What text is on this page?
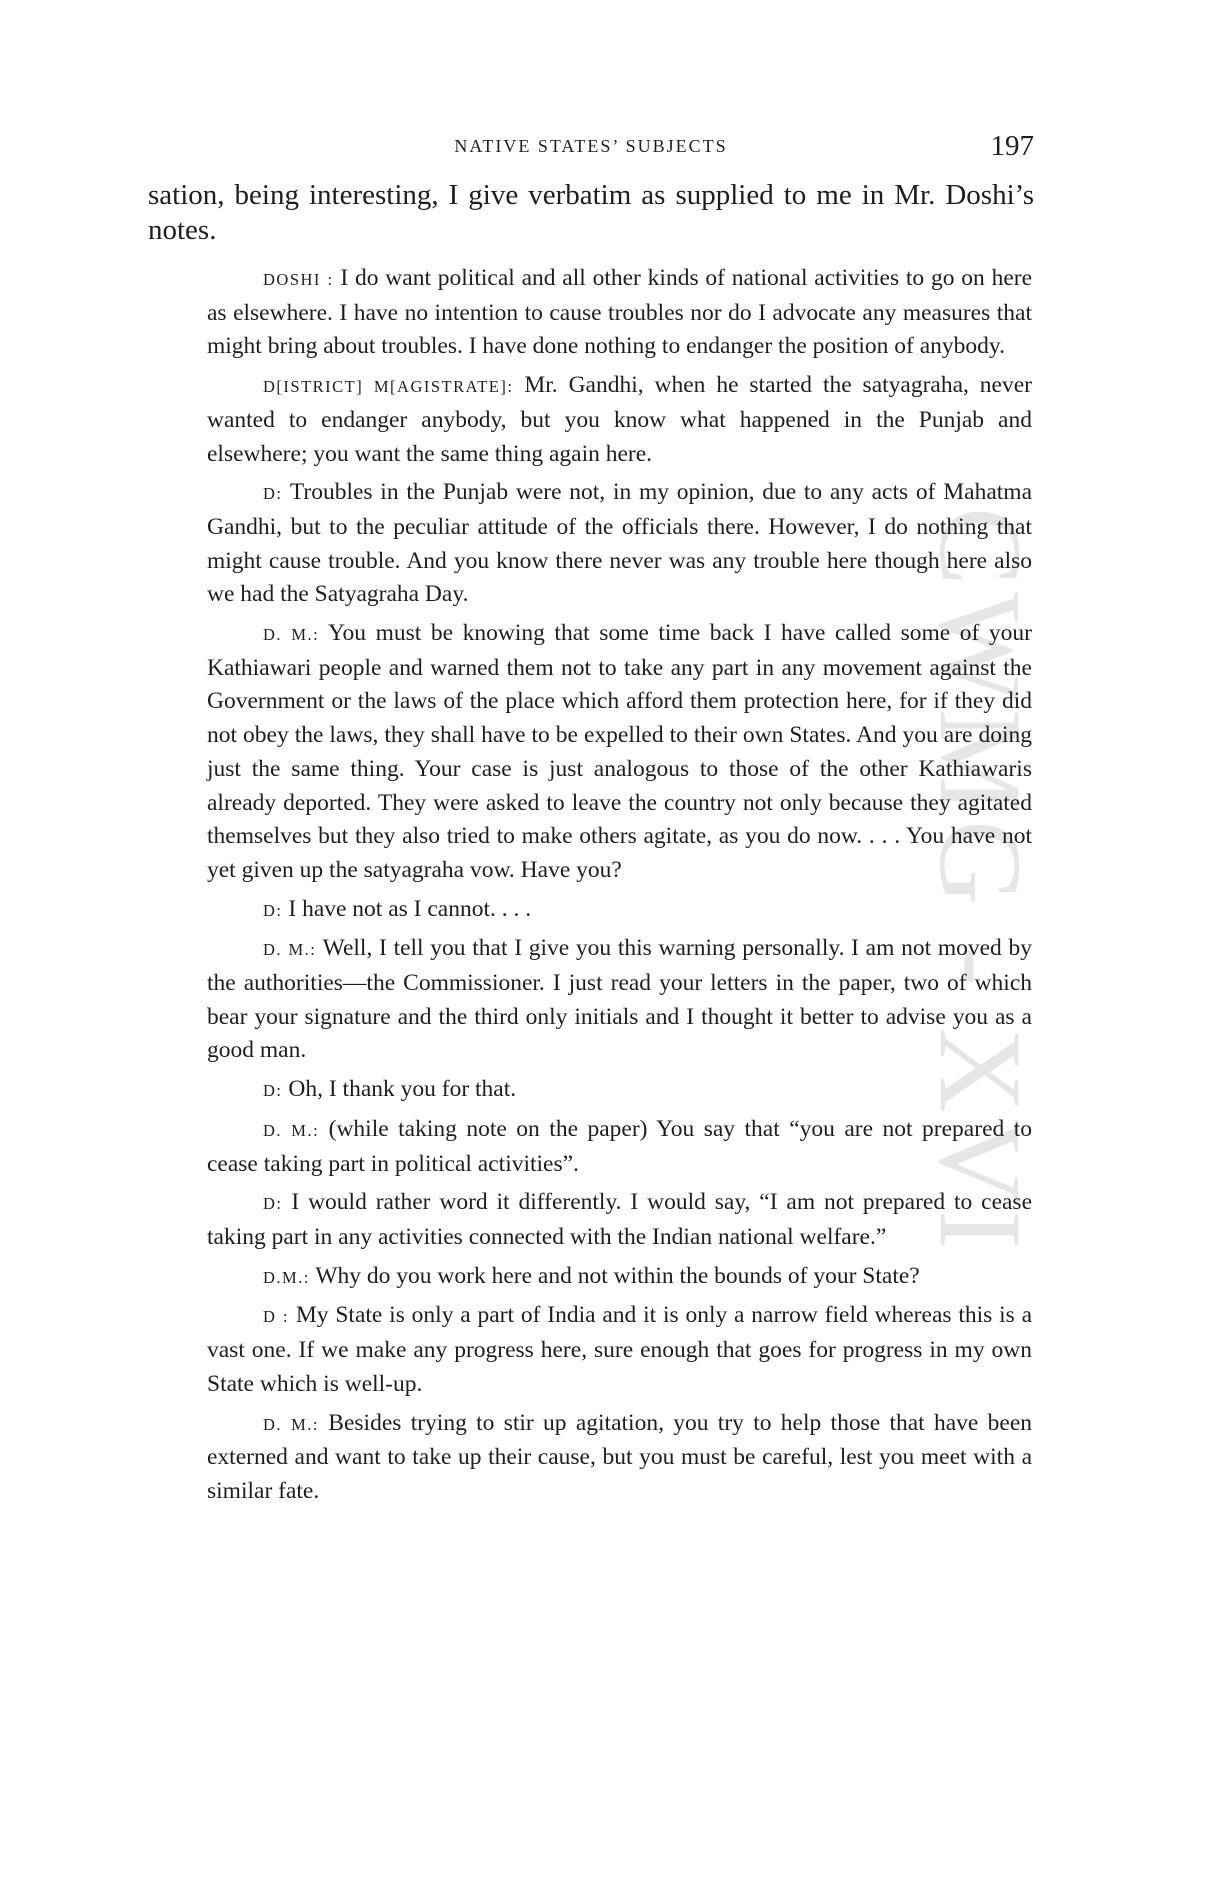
CWMG - XVI
NATIVE STATES’ SUBJECTS	197

sation, being interesting, I give verbatim as supplied to me in Mr. Doshi’s notes.

DOSHI : I do want political and all other kinds of national activities to go on here as elsewhere. I have no intention to cause troubles nor do I advocate any measures that might bring about troubles. I have done nothing to endanger the position of anybody.

D[ISTRICT] M[AGISTRATE]: Mr. Gandhi, when he started the satyagraha, never wanted to endanger anybody, but you know what happened in the Punjab and elsewhere; you want the same thing again here.

D: Troubles in the Punjab were not, in my opinion, due to any acts of Mahatma Gandhi, but to the peculiar attitude of the officials there. However, I do nothing that might cause trouble. And you know there never was any trouble here though here also we had the Satyagraha Day.

D. M.: You must be knowing that some time back I have called some of your Kathiawari people and warned them not to take any part in any movement against the Government or the laws of the place which afford them protection here, for if they did not obey the laws, they shall have to be expelled to their own States. And you are doing just the same thing. Your case is just analogous to those of the other Kathiawaris already deported. They were asked to leave the country not only because they agitated themselves but they also tried to make others agitate, as you do now. . . . You have not yet given up the satyagraha vow. Have you?

D: I have not as I cannot. . . .

D. M.: Well, I tell you that I give you this warning personally. I am not moved by the authorities—the Commissioner. I just read your letters in the paper, two of which bear your signature and the third only initials and I thought it better to advise you as a good man.

D: Oh, I thank you for that.

D. M.: (while taking note on the paper) You say that “you are not prepared to cease taking part in political activities”.

D: I would rather word it differently. I would say, “I am not prepared to cease taking part in any activities connected with the Indian national welfare.”

D.M.: Why do you work here and not within the bounds of your State?

D : My State is only a part of India and it is only a narrow field whereas this is a vast one. If we make any progress here, sure enough that goes for progress in my own State which is well-up.

D. M.: Besides trying to stir up agitation, you try to help those that have been externed and want to take up their cause, but you must be careful, lest you meet with a similar fate.
